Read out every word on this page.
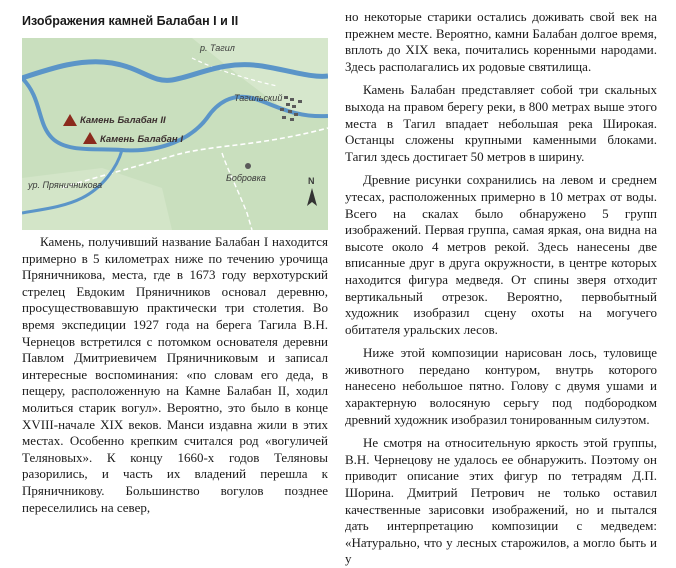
Изображения камней Балабан I и II
р. Тагил
Камень Балабан II
Камень Балабан I
Тагильский
Бобровка
ур. Пряничникова	N

Камень, получивший название Балабан I находится примерно в 5 километрах ниже по течению урочища Пряничникова, места, где в 1673 году верхотурский стрелец Евдоким Пряничников основал деревню, просуществовавшую практически три столетия. Во время экспедиции 1927 года на берега Тагила В.Н. Чернецов встретился с потомком основателя деревни Павлом Дмитриевичем Пряничниковым и записал интересные воспоминания: «по словам его деда, в пещеру, расположенную на Камне Балабан II, ходил молиться старик вогул». Вероятно, это было в конце XVIII-начале XIX веков. Манси издавна жили в этих местах. Особенно крепким считался род «вогуличей Теляновых». К концу 1660-х годов Теляновы разорились, и часть их владений перешла к Пряничникову. Большинство вогулов позднее переселились на север,

но некоторые старики остались доживать свой век на прежнем месте. Вероятно, камни Балабан долгое время, вплоть до XIX века, почитались коренными народами. Здесь располагались их родовые святилища.

Камень Балабан представляет собой три скальных выхода на правом берегу реки, в 800 метрах выше этого места в Тагил впадает небольшая река Широкая. Останцы сложены крупными каменными блоками. Тагил здесь достигает 50 метров в ширину.

Древние рисунки сохранились на левом и среднем утесах, расположенных примерно в 10 метрах от воды. Всего на скалах было обнаружено 5 групп изображений. Первая группа, самая яркая, она видна на высоте около 4 метров рекой. Здесь нанесены две вписанные друг в друга окружности, в центре которых находится фигура медведя. От спины зверя отходит вертикальный отрезок. Вероятно, первобытный художник изобразил сцену охоты на могучего обитателя уральских лесов.

Ниже этой композиции нарисован лось, туловище животного передано контуром, внутрь которого нанесено небольшое пятно. Голову с двумя ушами и характерную волосяную серьгу под подбородком древний художник изобразил тонированным силуэтом.

Не смотря на относительную яркость этой группы, В.Н. Чернецову не удалось ее обнаружить. Поэтому он приводит описание этих фигур по тетрадям Д.П. Шорина. Дмитрий Петрович не только оставил качественные зарисовки изображений, но и пытался дать интерпретацию композиции с медведем: «Натурально, что у лесных старожилов, а могло быть и у
